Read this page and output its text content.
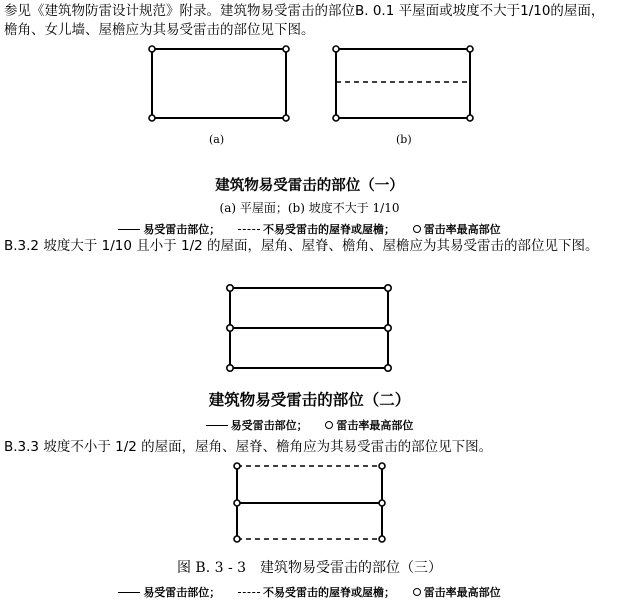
参见《建筑物防雷设计规范》附录。建筑物易受雷击的部位B. 0.1 平屋面或坡度不大于1/10的屋面，檐角、女儿墙、屋檐应为其易受雷击的部位见下图。

(a)	(b)

建筑物易受雷击的部位（一）

(a) 平屋面；(b) 坡度不大于 1/10

易受雷击部位；	不易受雷击的屋脊或屋檐；	雷击率最高部位

B.3.2 坡度大于 1/10 且小于 1/2 的屋面，屋角、屋脊、檐角、屋檐应为其易受雷击的部位见下图。

建筑物易受雷击的部位（二）

易受雷击部位；	雷击率最高部位

B.3.3 坡度不小于 1/2 的屋面，屋角、屋脊、檐角应为其易受雷击的部位见下图。

图 B. 3 - 3　建筑物易受雷击的部位（三）

易受雷击部位；	不易受雷击的屋脊或屋檐；	雷击率最高部位
